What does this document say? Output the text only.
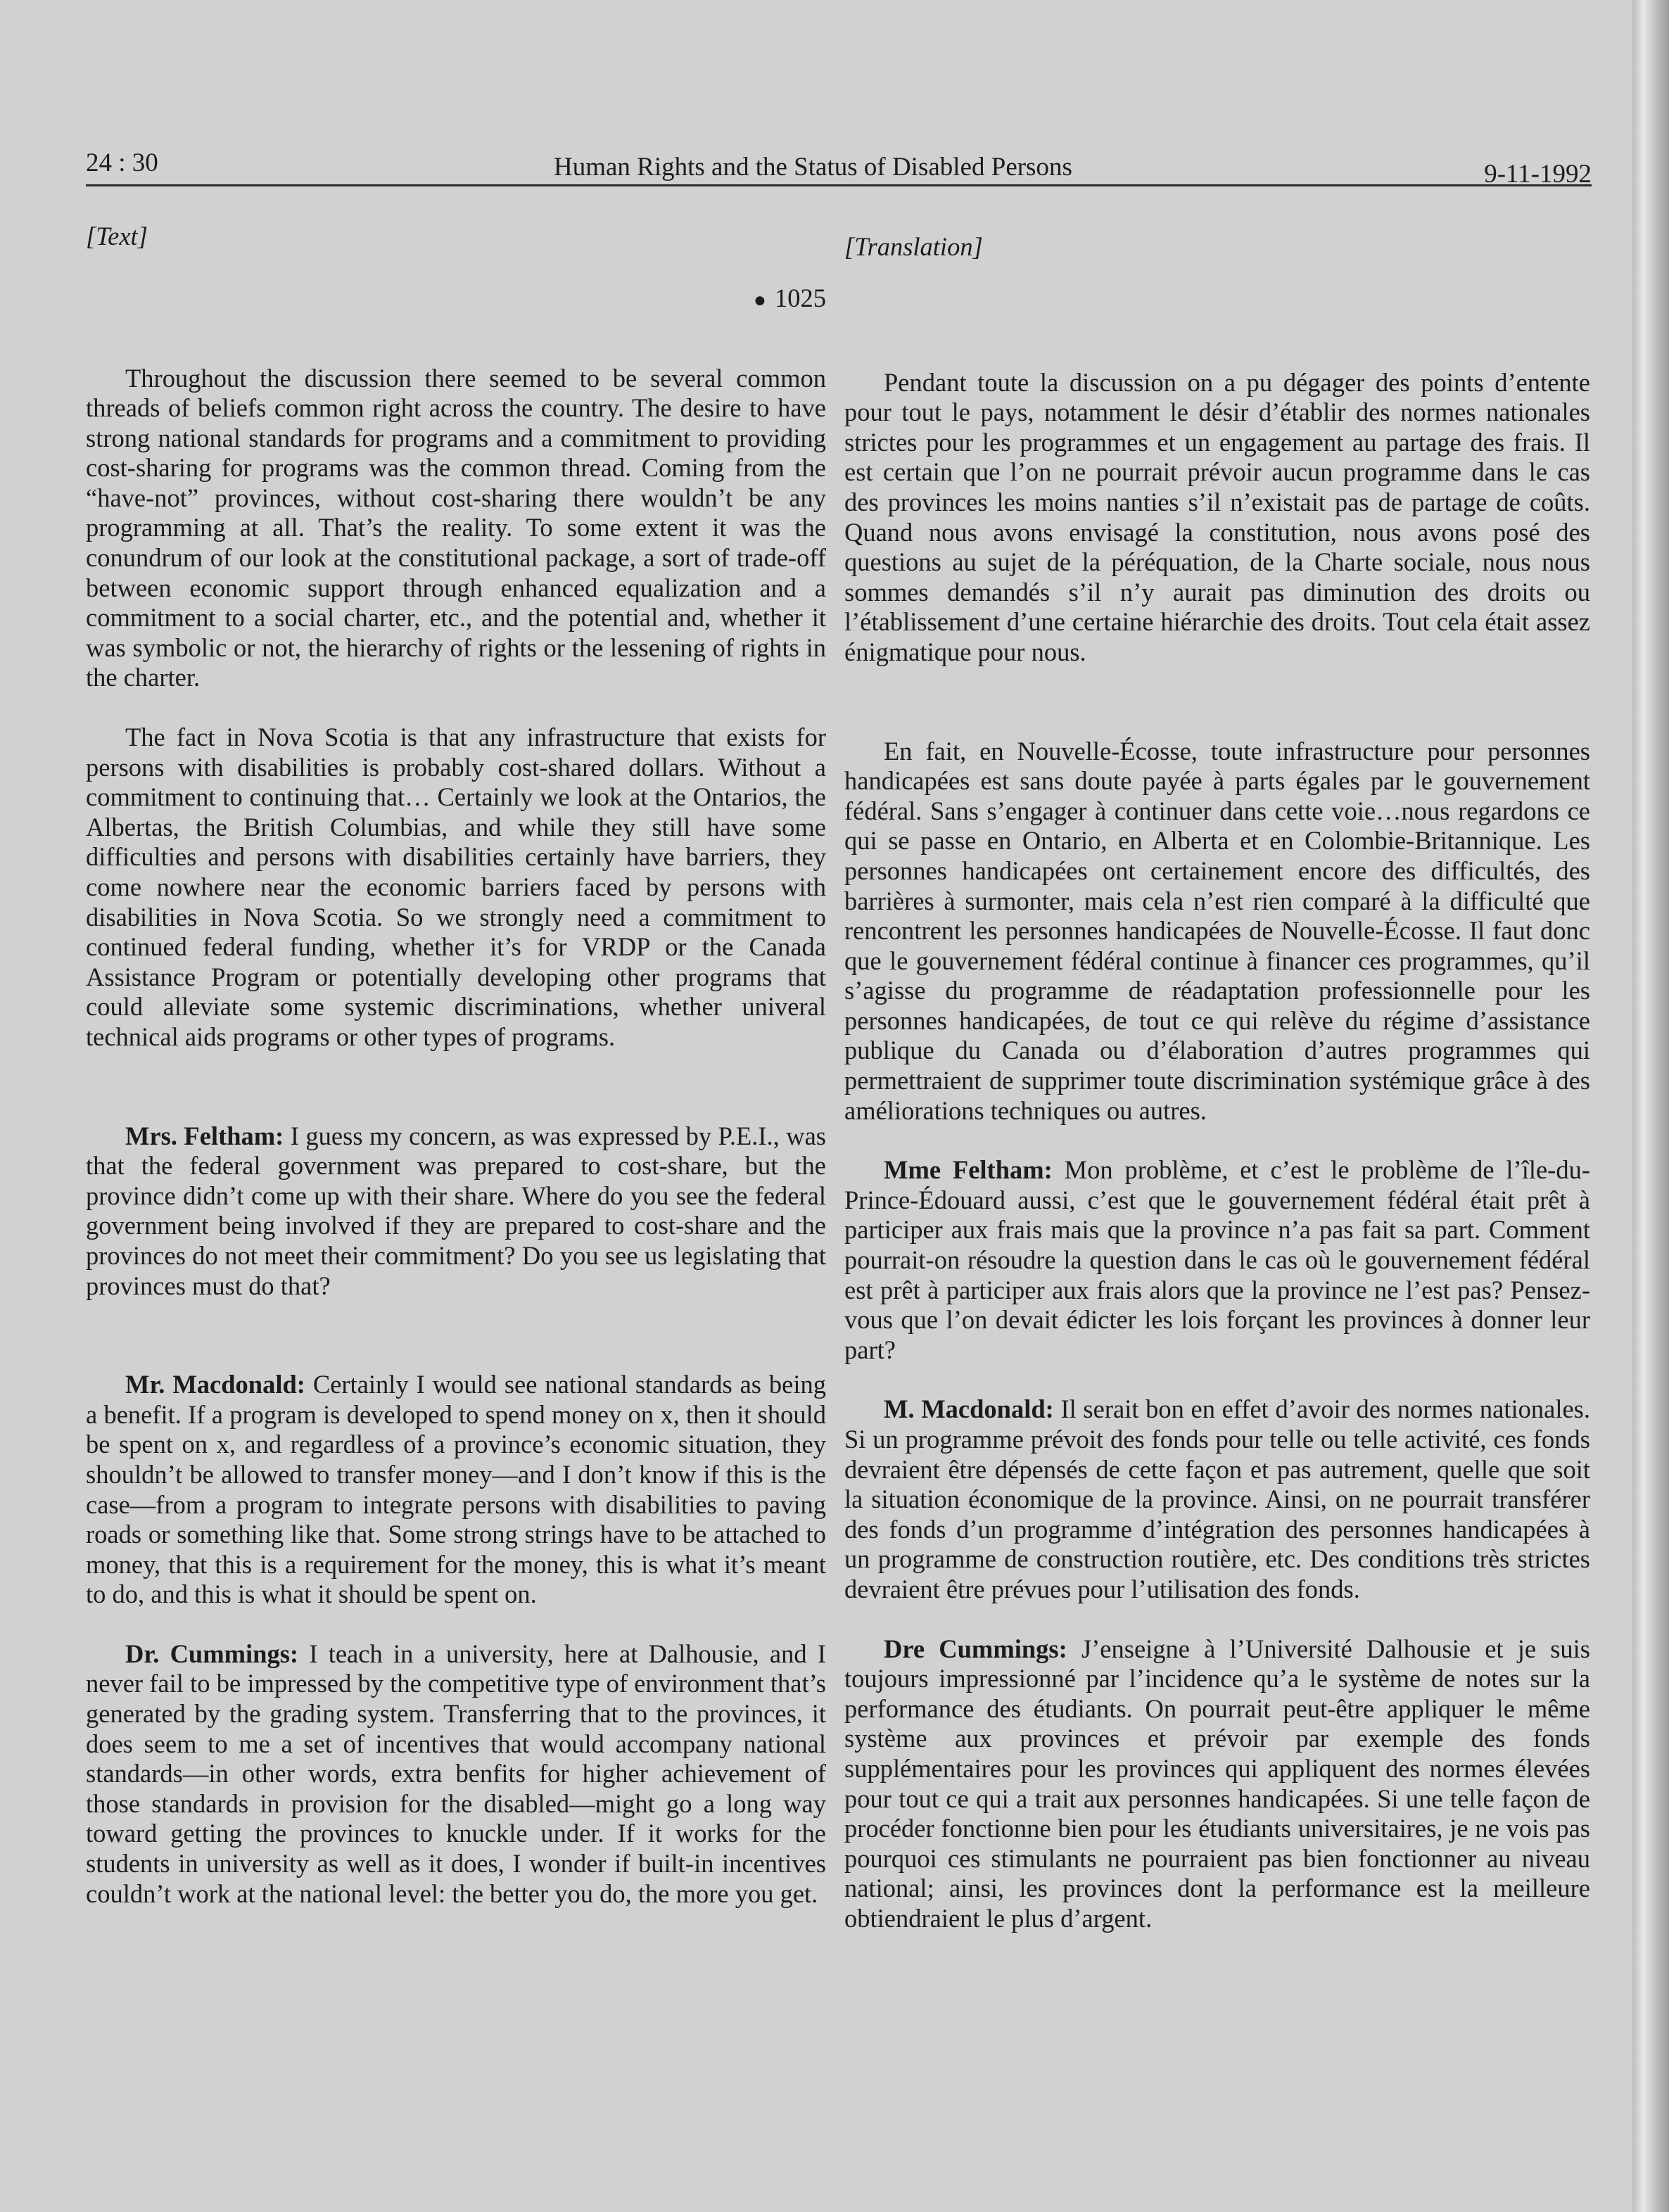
24 : 30	Human Rights and the Status of Disabled Persons	9-11-1992
[Text]
● 1025

Throughout the discussion there seemed to be several common threads of beliefs common right across the country. The desire to have strong national standards for programs and a commitment to providing cost-sharing for programs was the common thread. Coming from the “have-not” provinces, without cost-sharing there wouldn’t be any programming at all. That’s the reality. To some extent it was the conundrum of our look at the constitutional package, a sort of trade-off between economic support through enhanced equalization and a commitment to a social charter, etc., and the potential and, whether it was symbolic or not, the hierarchy of rights or the lessening of rights in the charter.

The fact in Nova Scotia is that any infrastructure that exists for persons with disabilities is probably cost-shared dollars. Without a commitment to continuing that… Certainly we look at the Ontarios, the Albertas, the British Columbias, and while they still have some difficulties and persons with disabilities certainly have barriers, they come nowhere near the economic barriers faced by persons with disabilities in Nova Scotia. So we strongly need a commitment to continued federal funding, whether it’s for VRDP or the Canada Assistance Program or potentially developing other programs that could alleviate some systemic discriminations, whether univeral technical aids programs or other types of programs.

Mrs. Feltham: I guess my concern, as was expressed by P.E.I., was that the federal government was prepared to cost-share, but the province didn’t come up with their share. Where do you see the federal government being involved if they are prepared to cost-share and the provinces do not meet their commitment? Do you see us legislating that provinces must do that?

Mr. Macdonald: Certainly I would see national standards as being a benefit. If a program is developed to spend money on x, then it should be spent on x, and regardless of a province’s economic situation, they shouldn’t be allowed to transfer money—and I don’t know if this is the case—from a program to integrate persons with disabilities to paving roads or something like that. Some strong strings have to be attached to money, that this is a requirement for the money, this is what it’s meant to do, and this is what it should be spent on.

Dr. Cummings: I teach in a university, here at Dalhousie, and I never fail to be impressed by the competitive type of environment that’s generated by the grading system. Transferring that to the provinces, it does seem to me a set of incentives that would accompany national standards—in other words, extra benfits for higher achievement of those standards in provision for the disabled—might go a long way toward getting the provinces to knuckle under. If it works for the students in university as well as it does, I wonder if built-in incentives couldn’t work at the national level: the better you do, the more you get.

[Translation]

Pendant toute la discussion on a pu dégager des points d’entente pour tout le pays, notamment le désir d’établir des normes nationales strictes pour les programmes et un engagement au partage des frais. Il est certain que l’on ne pourrait prévoir aucun programme dans le cas des provinces les moins nanties s’il n’existait pas de partage de coûts. Quand nous avons envisagé la constitution, nous avons posé des questions au sujet de la péréquation, de la Charte sociale, nous nous sommes demandés s’il n’y aurait pas diminution des droits ou l’établissement d’une certaine hiérarchie des droits. Tout cela était assez énigmatique pour nous.

En fait, en Nouvelle-Écosse, toute infrastructure pour personnes handicapées est sans doute payée à parts égales par le gouvernement fédéral. Sans s’engager à continuer dans cette voie…nous regardons ce qui se passe en Ontario, en Alberta et en Colombie-Britannique. Les personnes handicapées ont certainement encore des difficultés, des barrières à surmonter, mais cela n’est rien comparé à la difficulté que rencontrent les personnes handicapées de Nouvelle-Écosse. Il faut donc que le gouvernement fédéral continue à financer ces programmes, qu’il s’agisse du programme de réadaptation professionnelle pour les personnes handicapées, de tout ce qui relève du régime d’assistance publique du Canada ou d’élaboration d’autres programmes qui permettraient de supprimer toute discrimination systémique grâce à des améliorations techniques ou autres.

Mme Feltham: Mon problème, et c’est le problème de l’île-du-Prince-Édouard aussi, c’est que le gouvernement fédéral était prêt à participer aux frais mais que la province n’a pas fait sa part. Comment pourrait-on résoudre la question dans le cas où le gouvernement fédéral est prêt à participer aux frais alors que la province ne l’est pas? Pensez-vous que l’on devait édicter les lois forçant les provinces à donner leur part?

M. Macdonald: Il serait bon en effet d’avoir des normes nationales. Si un programme prévoit des fonds pour telle ou telle activité, ces fonds devraient être dépensés de cette façon et pas autrement, quelle que soit la situation économique de la province. Ainsi, on ne pourrait transférer des fonds d’un programme d’intégration des personnes handicapées à un programme de construction routière, etc. Des conditions très strictes devraient être prévues pour l’utilisation des fonds.

Dre Cummings: J’enseigne à l’Université Dalhousie et je suis toujours impressionné par l’incidence qu’a le système de notes sur la performance des étudiants. On pourrait peut-être appliquer le même système aux provinces et prévoir par exemple des fonds supplémentaires pour les provinces qui appliquent des normes élevées pour tout ce qui a trait aux personnes handicapées. Si une telle façon de procéder fonctionne bien pour les étudiants universitaires, je ne vois pas pourquoi ces stimulants ne pourraient pas bien fonctionner au niveau national; ainsi, les provinces dont la performance est la meilleure obtiendraient le plus d’argent.
